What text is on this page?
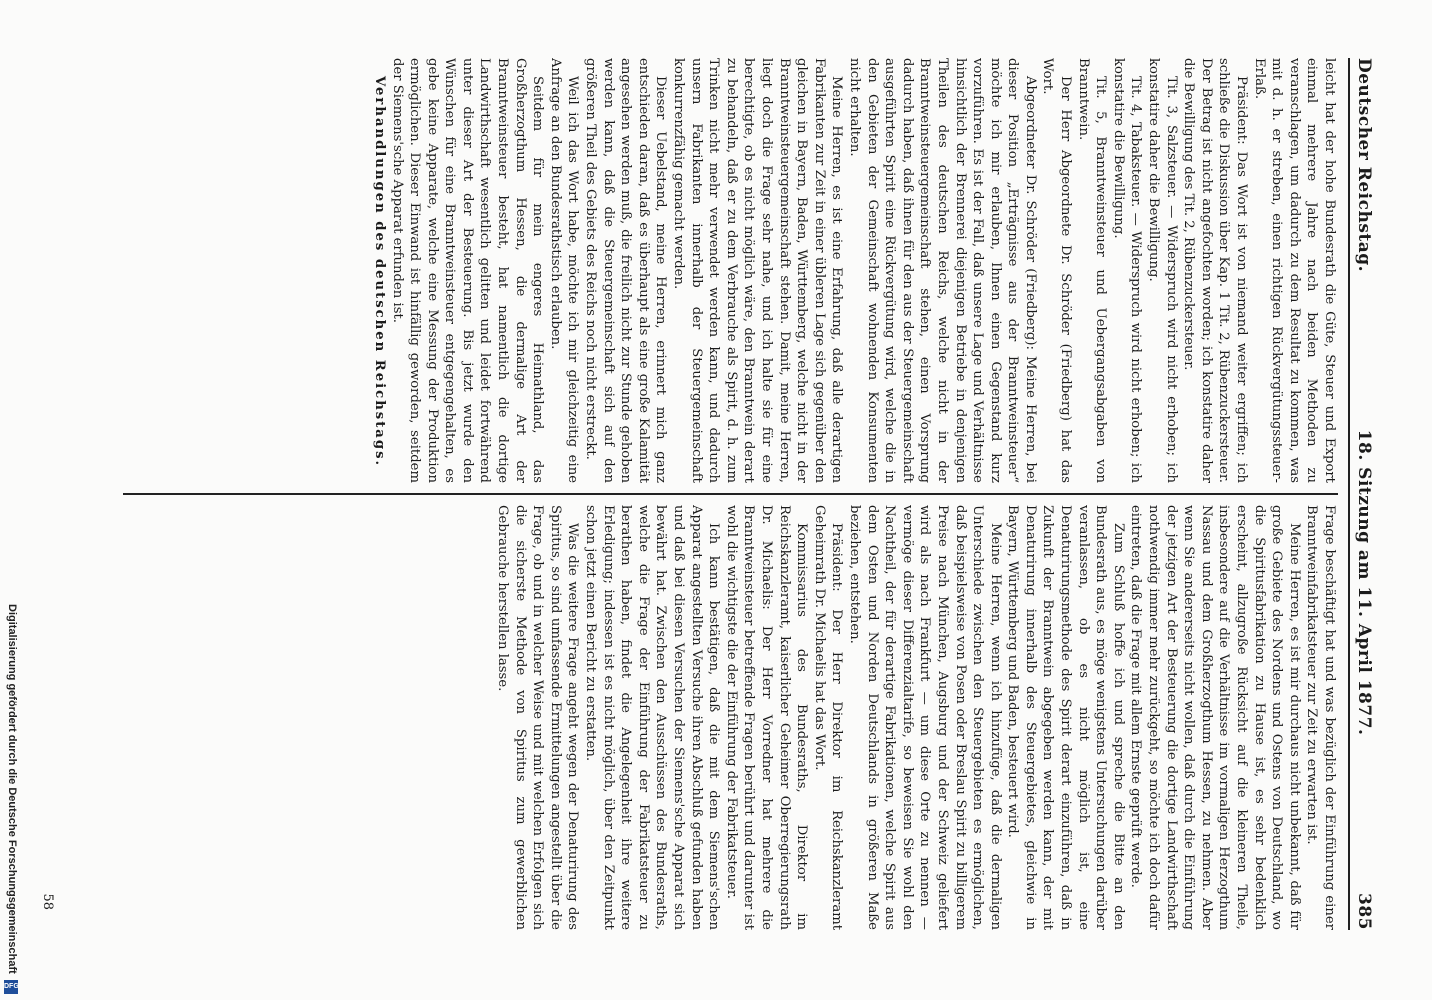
Deutscher Reichstag.
18. Sitzung am 11. April 1877.
385

leicht hat der hohe Bundesrath die Güte, Steuer und Export einmal mehrere Jahre nach beiden Methoden zu veranschlagen, um dadurch zu dem Resultat zu kommen, was mit d. h. er streben, einen richtigen Rückvergütungssteuer-Erlaß.

Präsident: Das Wort ist von niemand weiter ergriffen; ich schließe die Diskussion über Kap. 1 Tit. 2, Rübenzuckersteuer. Der Betrag ist nicht angefochten worden; ich konstatire daher die Bewilligung des Tit. 2, Rübenzuckersteuer.

Tit. 3, Salzsteuer. — Widerspruch wird nicht erhoben; ich konstatire daher die Bewilligung.

Tit. 4, Tabaksteuer. — Widerspruch wird nicht erhoben; ich konstatire die Bewilligung.

Tit. 5, Branntweinsteuer und Uebergangsabgaben von Branntwein.

Der Herr Abgeordnete Dr. Schröder (Friedberg) hat das Wort.

Abgeordneter Dr. Schröder (Friedberg): Meine Herren, bei dieser Position „Erträgnisse aus der Branntweinsteuer“ möchte ich mir erlauben, Ihnen einen Gegenstand kurz vorzuführen. Es ist der Fall, daß unsere Lage und Verhältnisse hinsichtlich der Brennerei diejenigen Betriebe in denjenigen Theilen des deutschen Reichs, welche nicht in der Branntweinsteuergemeinschaft stehen, einen Vorsprung dadurch haben, daß ihnen für den aus der Steuergemeinschaft ausgeführten Spirit eine Rückvergütung wird, welche die in den Gebieten der Gemeinschaft wohnenden Konsumenten nicht erhalten.

Meine Herren, es ist eine Erfahrung, daß alle derartigen Fabrikanten zur Zeit in einer übleren Lage sich gegenüber den gleichen in Bayern, Baden, Württemberg, welche nicht in der Branntweinsteuergemeinschaft stehen. Damit, meine Herren, liegt doch die Frage sehr nahe, und ich halte sie für eine berechtigte, ob es nicht möglich wäre, den Branntwein derart zu behandeln, daß er zu dem Verbrauche als Spirit, d. h. zum Trinken nicht mehr verwendet werden kann, und dadurch unsern Fabrikanten innerhalb der Steuergemeinschaft konkurrenzfähig gemacht werden.

Dieser Uebelstand, meine Herren, erinnert mich ganz entschieden daran, daß es überhaupt als eine große Kalamität angesehen werden muß, die freilich nicht zur Stunde gehoben werden kann, daß die Steuergemeinschaft sich auf den größeren Theil des Gebiets des Reichs noch nicht erstreckt.

Weil ich das Wort habe, möchte ich mir gleichzeitig eine Anfrage an den Bundesrathstisch erlauben.

Seitdem für mein engeres Heimathland, das Großherzogthum Hessen, die dermalige Art der Branntweinsteuer besteht, hat namentlich die dortige Landwirthschaft wesentlich gelitten und leidet fortwährend unter dieser Art der Besteuerung. Bis jetzt wurde den Wünschen für eine Branntweinsteuer entgegengehalten, es gebe keine Apparate, welche eine Messung der Produktion ermöglichen. Dieser Einwand ist hinfällig geworden, seitdem der Siemens'sche Apparat erfunden ist.

Verhandlungen des deutschen Reichstags.

Frage beschäftigt hat und was bezüglich der Einführung einer Branntweinfabrikatsteuer zur Zeit zu erwarten ist.

Meine Herren, es ist mir durchaus nicht unbekannt, daß für große Gebiete des Nordens und Ostens von Deutschland, wo die Spiritusfabrikation zu Hause ist, es sehr bedenklich erscheint, allzugroße Rücksicht auf die kleineren Theile, insbesondere auf die Verhältnisse im vormaligen Herzogthum Nassau und dem Großherzogthum Hessen, zu nehmen. Aber wenn Sie andererseits nicht wollen, daß durch die Einführung der jetzigen Art der Besteuerung die dortige Landwirthschaft nothwendig immer mehr zurückgeht, so möchte ich doch dafür eintreten, daß die Frage mit allem Ernste geprüft werde.

Zum Schluß hoffe ich und spreche die Bitte an den Bundesrath aus, es möge wenigstens Untersuchungen darüber veranlassen, ob es nicht möglich ist, eine Denaturirungsmethode des Spirit derart einzuführen, daß in Zukunft der Branntwein abgegeben werden kann, der mit Denaturirung innerhalb des Steuergebietes, gleichwie in Bayern, Württemberg und Baden, besteuert wird.

Meine Herren, wenn ich hinzufüge, daß die dermaligen Unterschiede zwischen den Steuergebieten es ermöglichen, daß beispielsweise von Posen oder Breslau Spirit zu billigerem Preise nach München, Augsburg und der Schweiz geliefert wird als nach Frankfurt — um diese Orte zu nennen — vermöge dieser Differenzialtarife, so beweisen Sie wohl den Nachtheil, der für derartige Fabrikationen, welche Spirit aus dem Osten und Norden Deutschlands in größeren Maße beziehen, entstehen.

Präsident: Der Herr Direktor im Reichskanzleramt Geheimrath Dr. Michaelis hat das Wort.

Kommissarius des Bundesraths, Direktor im Reichskanzleramt, kaiserlicher Geheimer Oberregierungsrath Dr. Michaelis: Der Herr Vorredner hat mehrere die Branntweinsteuer betreffende Fragen berührt und darunter ist wohl die wichtigste die der Einführung der Fabrikatsteuer.

Ich kann bestätigen, daß die mit dem Siemens'schen Apparat angestellten Versuche ihren Abschluß gefunden haben und daß bei diesen Versuchen der Siemens'sche Apparat sich bewährt hat. Zwischen den Ausschüssen des Bundesraths, welche die Frage der Einführung der Fabrikatsteuer zu berathen haben, findet die Angelegenheit ihre weitere Erledigung; indessen ist es nicht möglich, über den Zeitpunkt schon jetzt einen Bericht zu erstatten.

Was die weitere Frage angeht wegen der Denaturirung des Spiritus, so sind umfassende Ermittelungen angestellt über die Frage, ob und in welcher Weise und mit welchen Erfolgen sich die sicherste Methode von Spiritus zum gewerblichen Gebrauche herstellen lasse.

58
Digitalisierung gefördert durch die Deutsche Forschungsgemeinschaft
DFG
